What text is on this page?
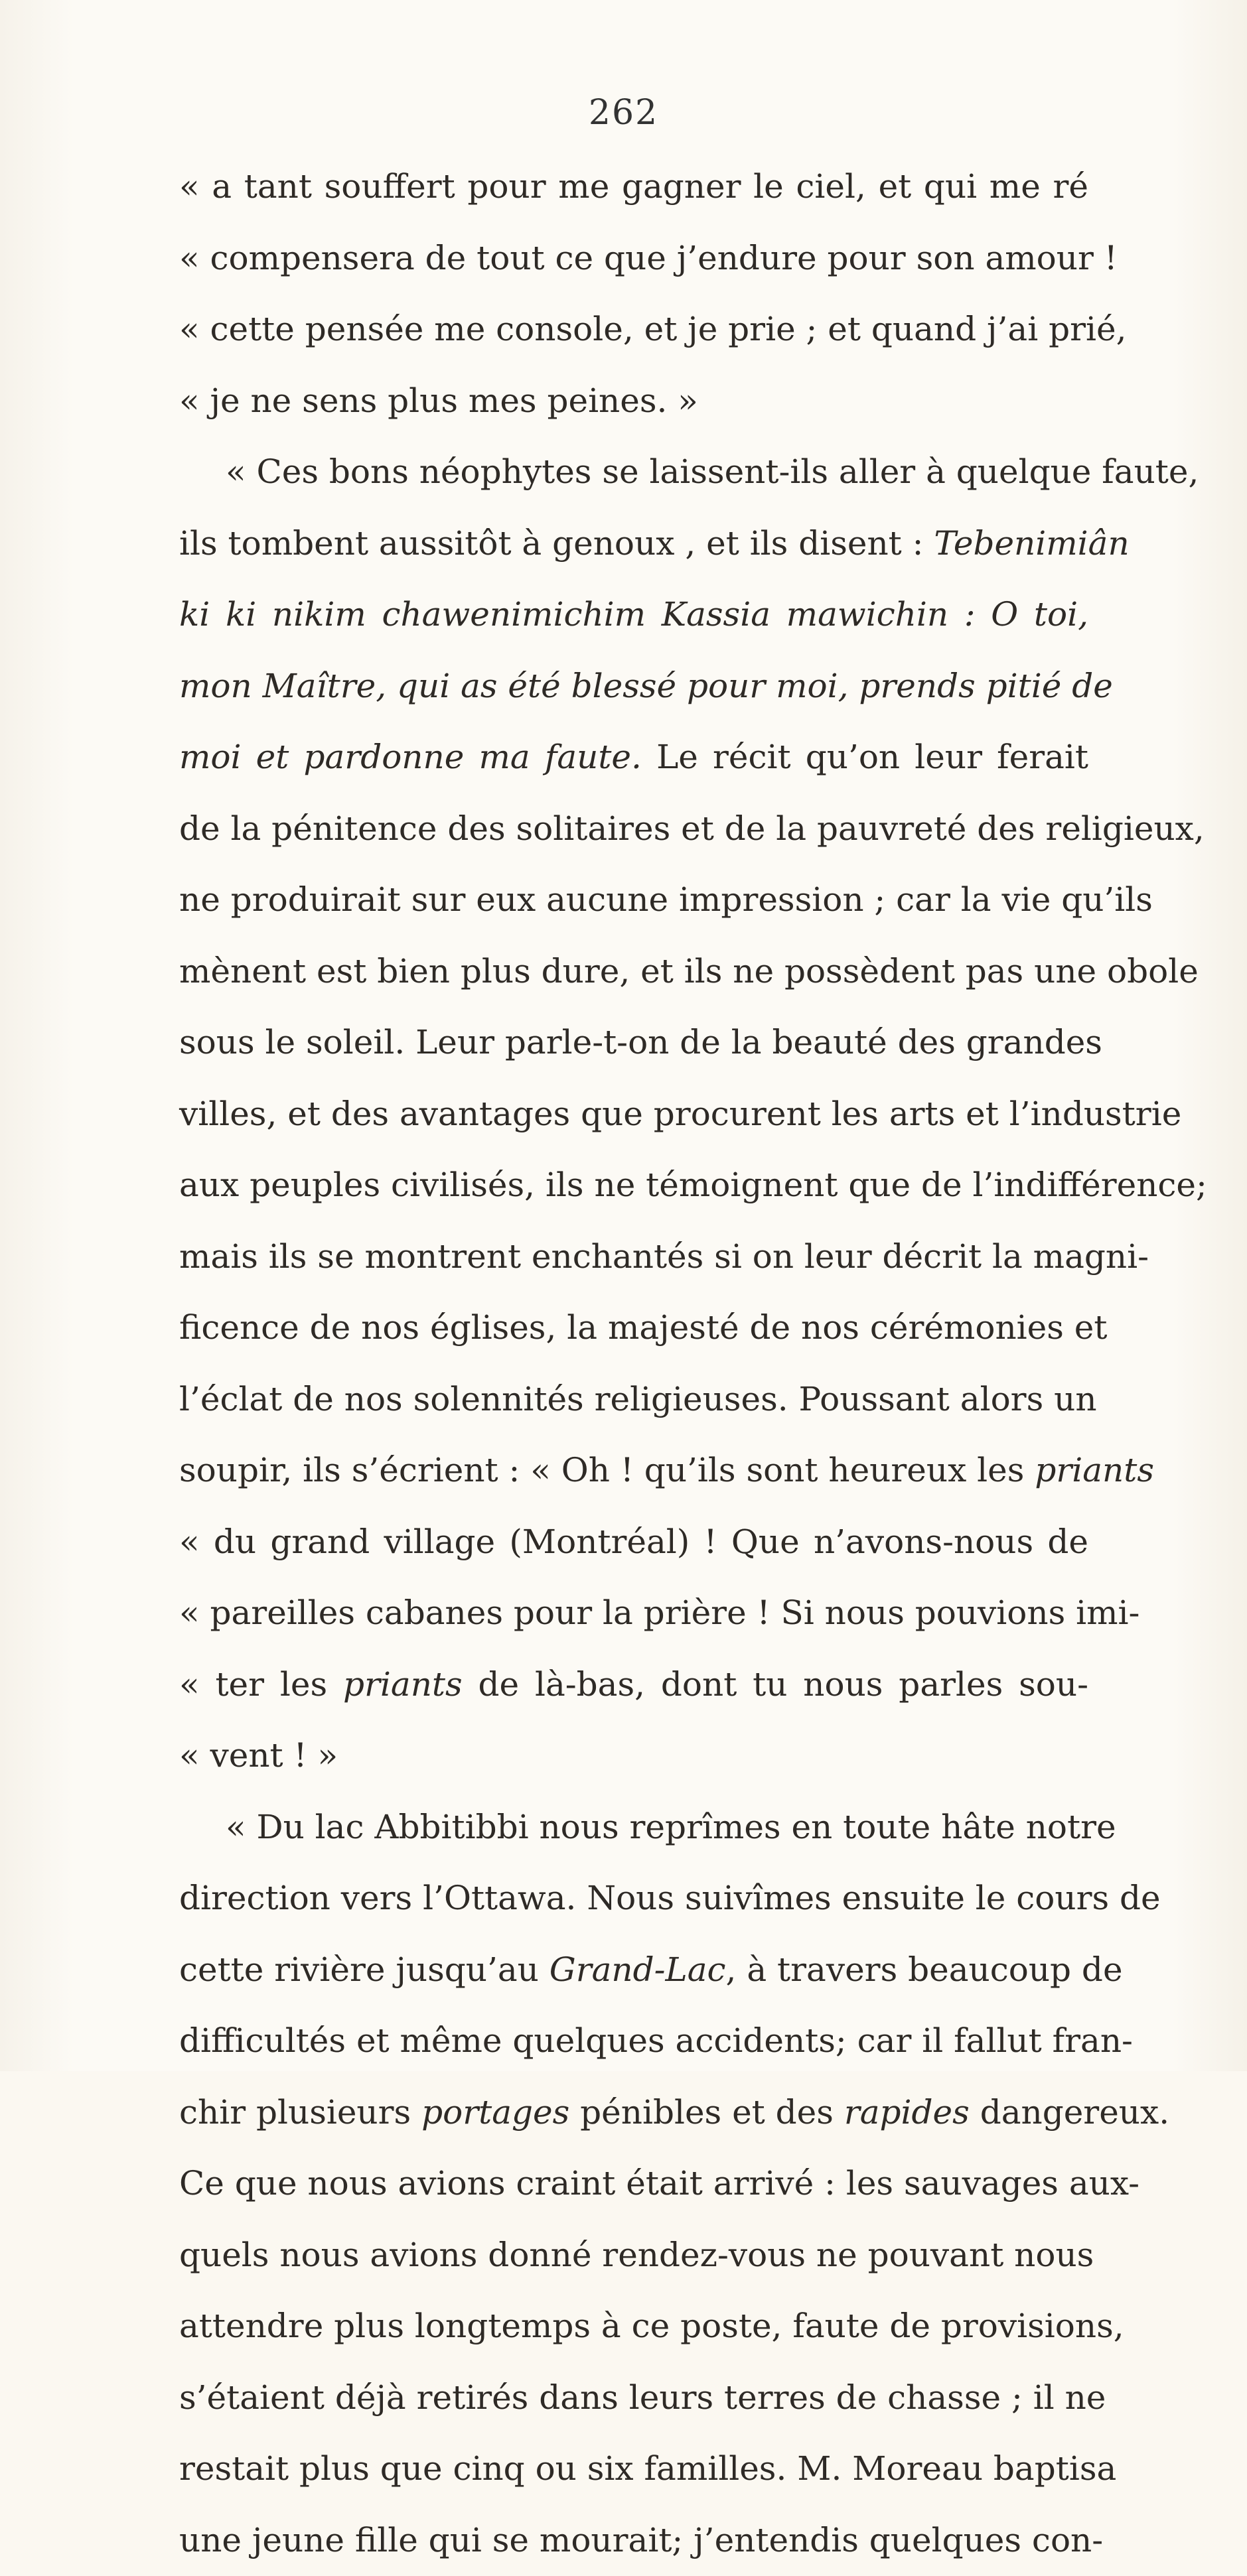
262
« a tant souffert pour me gagner le ciel, et qui me ré
« compensera de tout ce que j’endure pour son amour !
« cette pensée me console, et je prie ; et quand j’ai prié,
« je ne sens plus mes peines. »
« Ces bons néophytes se laissent-ils aller à quelque faute,
ils tombent aussitôt à genoux , et ils disent : Tebenimiân
ki ki nikim chawenimichim Kassia mawichin : O toi,
mon Maître, qui as été blessé pour moi, prends pitié de
moi et pardonne ma faute. Le récit qu’on leur ferait
de la pénitence des solitaires et de la pauvreté des religieux,
ne produirait sur eux aucune impression ; car la vie qu’ils
mènent est bien plus dure, et ils ne possèdent pas une obole
sous le soleil. Leur parle-t-on de la beauté des grandes
villes, et des avantages que procurent les arts et l’industrie
aux peuples civilisés, ils ne témoignent que de l’indifférence;
mais ils se montrent enchantés si on leur décrit la magni-
ficence de nos églises, la majesté de nos cérémonies et
l’éclat de nos solennités religieuses. Poussant alors un
soupir, ils s’écrient : « Oh ! qu’ils sont heureux les priants
« du grand village (Montréal) ! Que n’avons-nous de
« pareilles cabanes pour la prière ! Si nous pouvions imi-
« ter les priants de là-bas, dont tu nous parles sou-
« vent ! »
« Du lac Abbitibbi nous reprîmes en toute hâte notre
direction vers l’Ottawa. Nous suivîmes ensuite le cours de
cette rivière jusqu’au Grand-Lac, à travers beaucoup de
difficultés et même quelques accidents; car il fallut fran-
chir plusieurs portages pénibles et des rapides dangereux.
Ce que nous avions craint était arrivé : les sauvages aux-
quels nous avions donné rendez-vous ne pouvant nous
attendre plus longtemps à ce poste, faute de provisions,
s’étaient déjà retirés dans leurs terres de chasse ; il ne
restait plus que cinq ou six familles. M. Moreau baptisa
une jeune fille qui se mourait; j’entendis quelques con-
